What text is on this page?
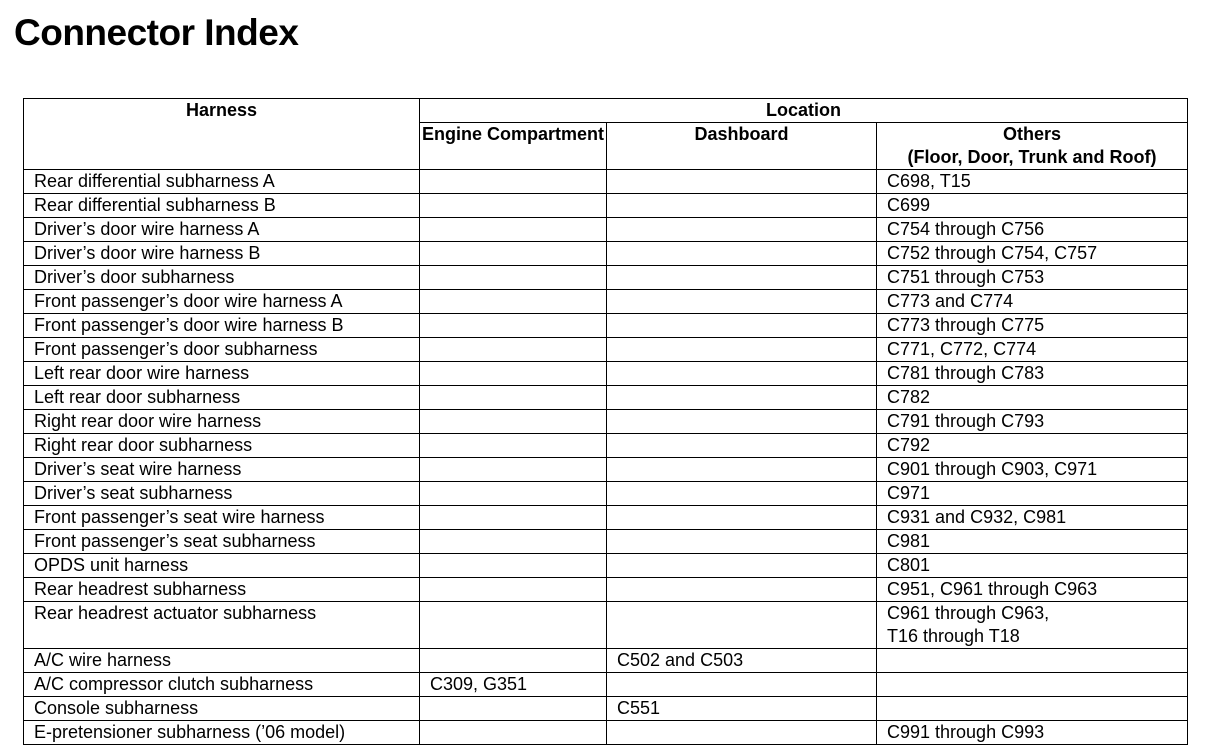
Connector Index
Harness	Location		
	Engine Compartment	Dashboard	Others
(Floor, Door, Trunk and Roof)

Rear differential subharness A			C698, T15

Rear differential subharness B			C699

Driver’s door wire harness A			C754 through C756

Driver’s door wire harness B			C752 through C754, C757

Driver’s door subharness			C751 through C753

Front passenger’s door wire harness A			C773 and C774

Front passenger’s door wire harness B			C773 through C775

Front passenger’s door subharness			C771, C772, C774

Left rear door wire harness			C781 through C783

Left rear door subharness			C782

Right rear door wire harness			C791 through C793

Right rear door subharness			C792

Driver’s seat wire harness			C901 through C903, C971

Driver’s seat subharness			C971

Front passenger’s seat wire harness			C931 and C932, C981

Front passenger’s seat subharness			C981

OPDS unit harness			C801

Rear headrest subharness			C951, C961 through C963

Rear headrest actuator subharness			C961 through C963,
T16 through T18

A/C wire harness		C502 and C503	

A/C compressor clutch subharness	C309, G351		

Console subharness		C551	

E-pretensioner subharness (’06 model)			C991 through C993
